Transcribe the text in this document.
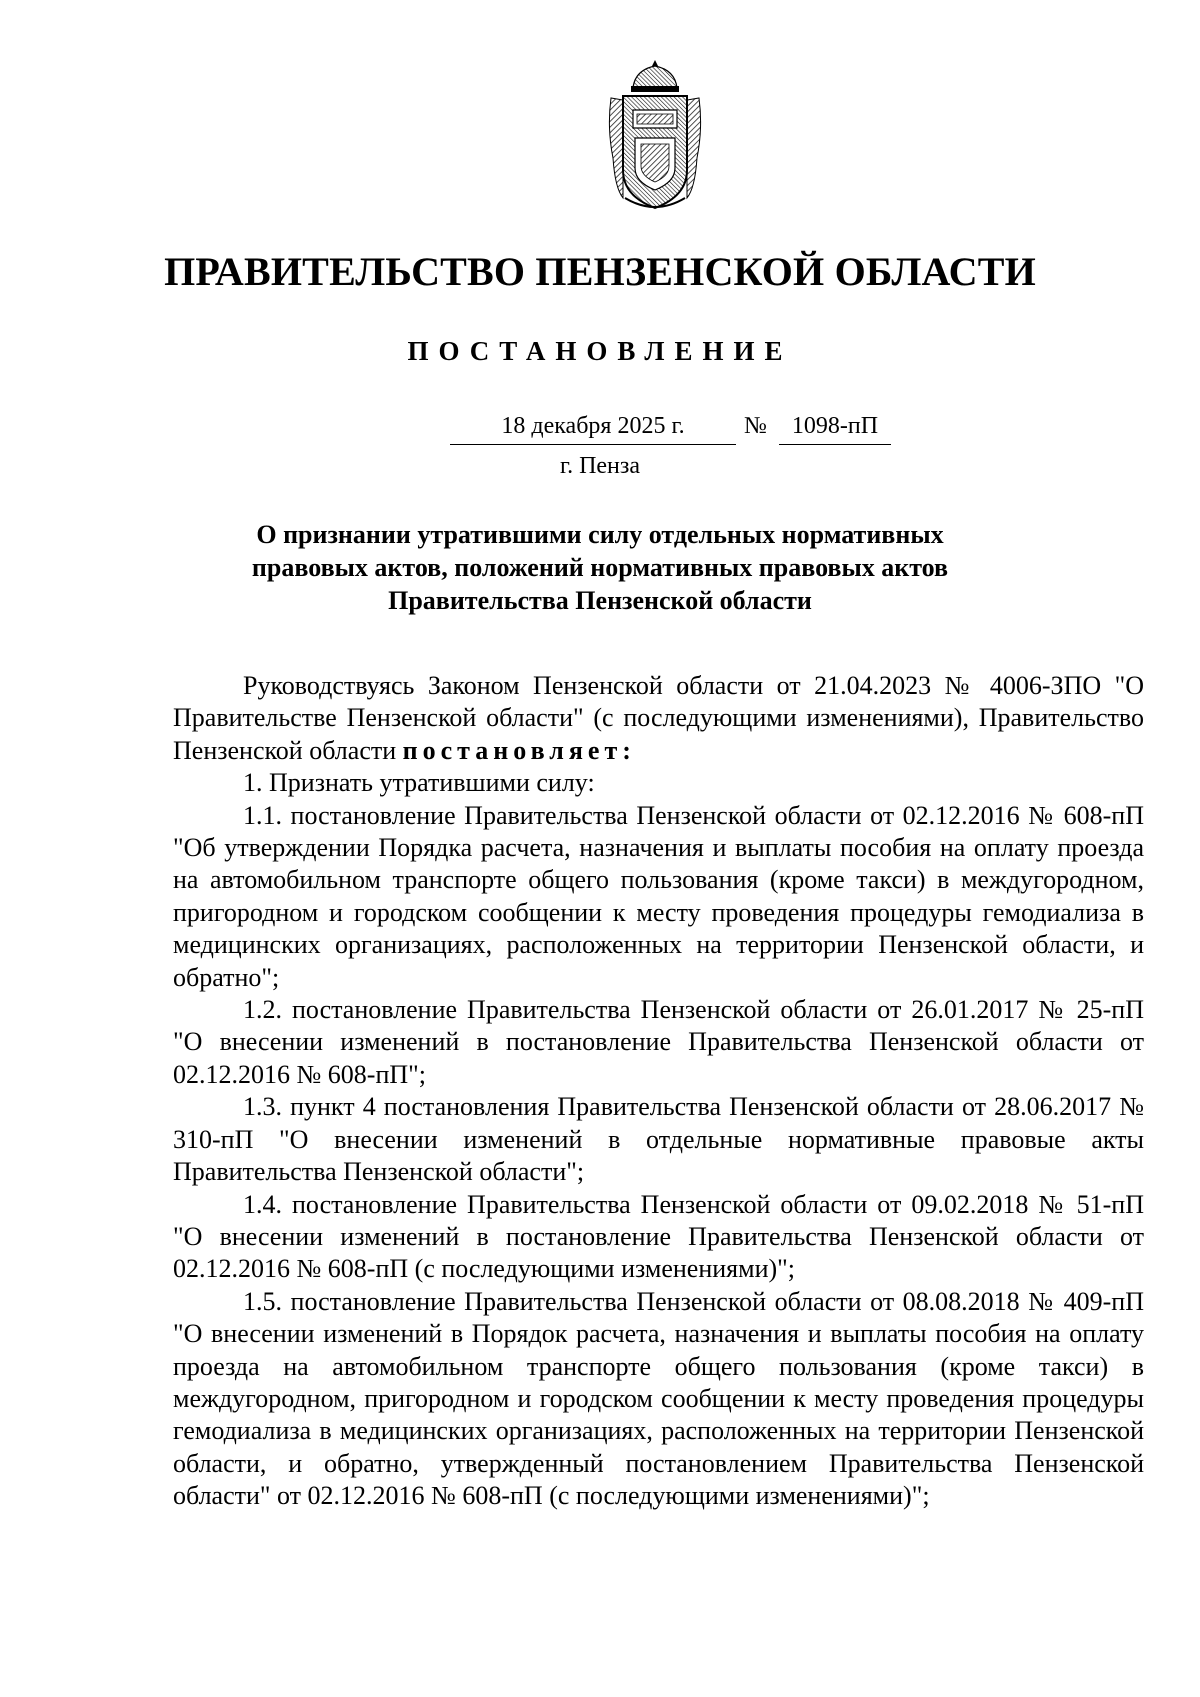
ПРАВИТЕЛЬСТВО ПЕНЗЕНСКОЙ ОБЛАСТИ
ПОСТАНОВЛЕНИЕ
18 декабря 2025 г.	№	1098-пП
г. Пенза
О признании утратившими силу отдельных нормативных
правовых актов, положений нормативных правовых актов
Правительства Пензенской области

Руководствуясь Законом Пензенской области от 21.04.2023 № 4006-ЗПО "О Правительстве Пензенской области" (с последующими изменениями), Правительство Пензенской области постановляет:

1. Признать утратившими силу:

1.1. постановление Правительства Пензенской области от 02.12.2016 № 608-пП "Об утверждении Порядка расчета, назначения и выплаты пособия на оплату проезда на автомобильном транспорте общего пользования (кроме такси) в междугородном, пригородном и городском сообщении к месту проведения процедуры гемодиализа в медицинских организациях, расположенных на территории Пензенской области, и обратно";

1.2. постановление Правительства Пензенской области от 26.01.2017 № 25-пП "О внесении изменений в постановление Правительства Пензенской области от 02.12.2016 № 608-пП";

1.3. пункт 4 постановления Правительства Пензенской области от 28.06.2017 № 310-пП "О внесении изменений в отдельные нормативные правовые акты Правительства Пензенской области";

1.4. постановление Правительства Пензенской области от 09.02.2018 № 51-пП "О внесении изменений в постановление Правительства Пензенской области от 02.12.2016 № 608-пП (с последующими изменениями)";

1.5. постановление Правительства Пензенской области от 08.08.2018 № 409-пП "О внесении изменений в Порядок расчета, назначения и выплаты пособия на оплату проезда на автомобильном транспорте общего пользования (кроме такси) в междугородном, пригородном и городском сообщении к месту проведения процедуры гемодиализа в медицинских организациях, расположенных на территории Пензенской области, и обратно, утвержденный постановлением Правительства Пензенской области" от 02.12.2016 № 608-пП (с последующими изменениями)";
